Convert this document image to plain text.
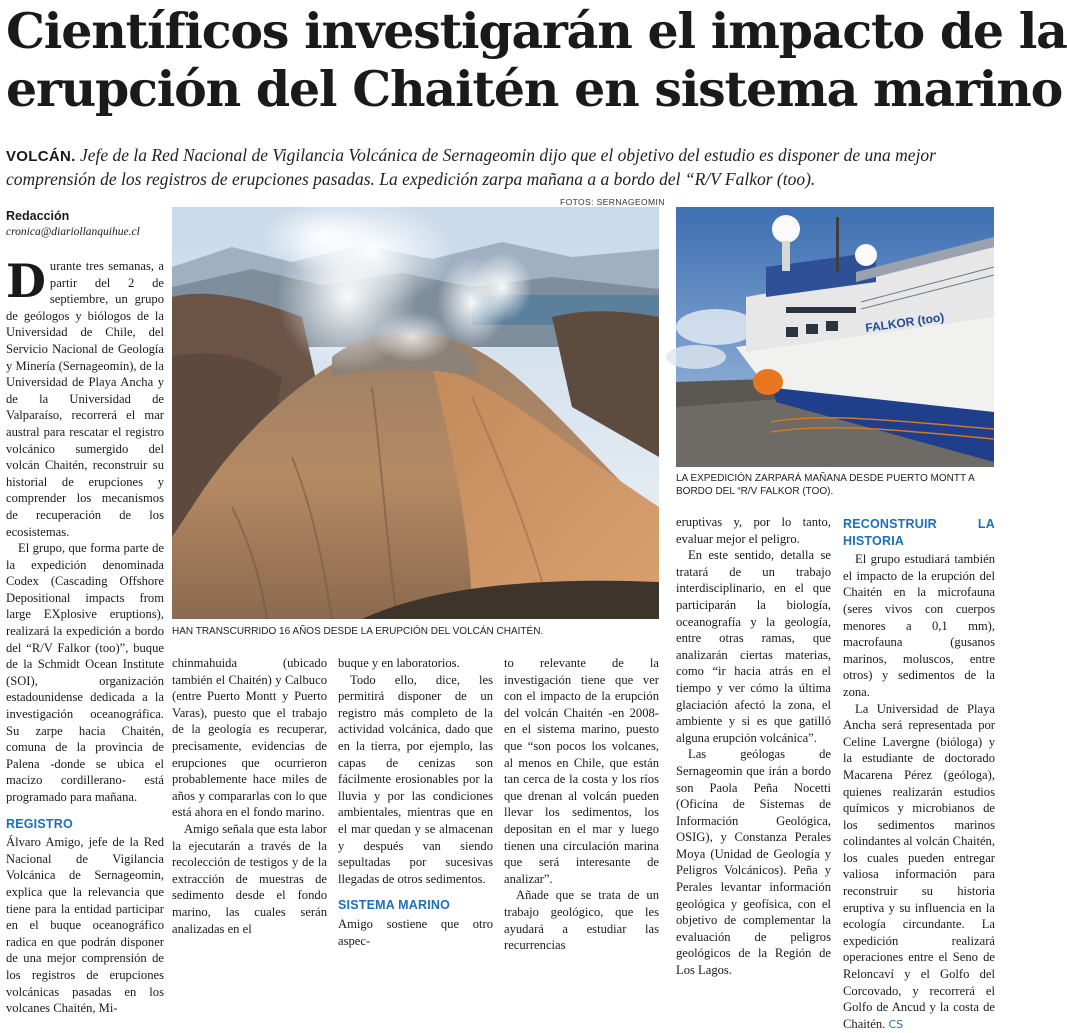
Científicos investigarán el impacto de la
erupción del Chaitén en sistema marino

VOLCÁN. Jefe de la Red Nacional de Vigilancia Volcánica de Sernageomin dijo que el objetivo del estudio es disponer de una mejor comprensión de los registros de erupciones pasadas. La expedición zarpa mañana a a bordo del “R/V Falkor (too).

Redacción
cronica@diariollanquihue.cl
FOTOS: SERNAGEOMIN
HAN TRANSCURRIDO 16 AÑOS DESDE LA ERUPCIÓN DEL VOLCÁN CHAITÉN.
FALKOR (too)
LA EXPEDICIÓN ZARPARÁ MAÑANA DESDE PUERTO MONTT A BORDO DEL “R/V FALKOR (TOO).

Durante tres semanas, a partir del 2 de septiembre, un grupo de geólogos y biólogos de la Universidad de Chile, del Servicio Nacional de Geología y Minería (Sernageomin), de la Universidad de Playa Ancha y de la Universidad de Valparaíso, recorrerá el mar austral para rescatar el registro volcánico sumergido del volcán Chaitén, reconstruir su historial de erupciones y comprender los mecanismos de recuperación de los ecosistemas.

El grupo, que forma parte de la expedición denominada Codex (Cascading Offshore Depositional impacts from large EXplosive eruptions), realizará la expedición a bordo del “R/V Falkor (too)”, buque de la Schmidt Ocean Institute (SOI), organización estadounidense dedicada a la investigación oceanográfica. Su zarpe hacia Chaitén, comuna de la provincia de Palena -donde se ubica el macizo cordillerano- está programado para mañana.

REGISTRO

Álvaro Amigo, jefe de la Red Nacional de Vigilancia Volcánica de Sernageomin, explica que la relevancia que tiene para la entidad participar en el buque oceanográfico radica en que podrán disponer de una mejor comprensión de los registros de erupciones volcánicas pasadas en los volcanes Chaitén, Mi-

chinmahuida (ubicado también el Chaitén) y Calbuco (entre Puerto Montt y Puerto Varas), puesto que el trabajo de la geología es recuperar, precisamente, evidencias de erupciones que ocurrieron probablemente hace miles de años y compararlas con lo que está ahora en el fondo marino.

Amigo señala que esta labor la ejecutarán a través de la recolección de testigos y de la extracción de muestras de sedimento desde el fondo marino, las cuales serán analizadas en el

buque y en laboratorios.

Todo ello, dice, les permitirá disponer de un registro más completo de la actividad volcánica, dado que en la tierra, por ejemplo, las capas de cenizas son fácilmente erosionables por la lluvia y por las condiciones ambientales, mientras que en el mar quedan y se almacenan y después van siendo sepultadas por sucesivas llegadas de otros sedimentos.

SISTEMA MARINO

Amigo sostiene que otro aspec-

to relevante de la investigación tiene que ver con el impacto de la erupción del volcán Chaitén -en 2008- en el sistema marino, puesto que “son pocos los volcanes, al menos en Chile, que están tan cerca de la costa y los ríos que drenan al volcán pueden llevar los sedimentos, los depositan en el mar y luego tienen una circulación marina que será interesante de analizar”.

Añade que se trata de un trabajo geológico, que les ayudará a estudiar las recurrencias

eruptivas y, por lo tanto, evaluar mejor el peligro.

En este sentido, detalla se tratará de un trabajo interdisciplinario, en el que participarán la biología, oceanografía y la geología, entre otras ramas, que analizarán ciertas materias, como “ir hacia atrás en el tiempo y ver cómo la última glaciación afectó la zona, el ambiente y si es que gatilló alguna erupción volcánica”.

Las geólogas de Sernageomin que irán a bordo son Paola Peña Nocetti (Oficina de Sistemas de Información Geológica, OSIG), y Constanza Perales Moya (Unidad de Geología y Peligros Volcánicos). Peña y Perales levantar información geológica y geofísica, con el objetivo de complementar la evaluación de peligros geológicos de la Región de Los Lagos.

RECONSTRUIR LA HISTORIA

El grupo estudiará también el impacto de la erupción del Chaitén en la microfauna (seres vivos con cuerpos menores a 0,1 mm), macrofauna (gusanos marinos, moluscos, entre otros) y sedimentos de la zona.

La Universidad de Playa Ancha será representada por Celine Lavergne (bióloga) y la estudiante de doctorado Macarena Pérez (geóloga), quienes realizarán estudios químicos y microbianos de los sedimentos marinos colindantes al volcán Chaitén, los cuales pueden entregar valiosa información para reconstruir su historia eruptiva y su influencia en la ecología circundante. La expedición realizará operaciones entre el Seno de Reloncaví y el Golfo del Corcovado, y recorrerá el Golfo de Ancud y la costa de Chaitén. CS
